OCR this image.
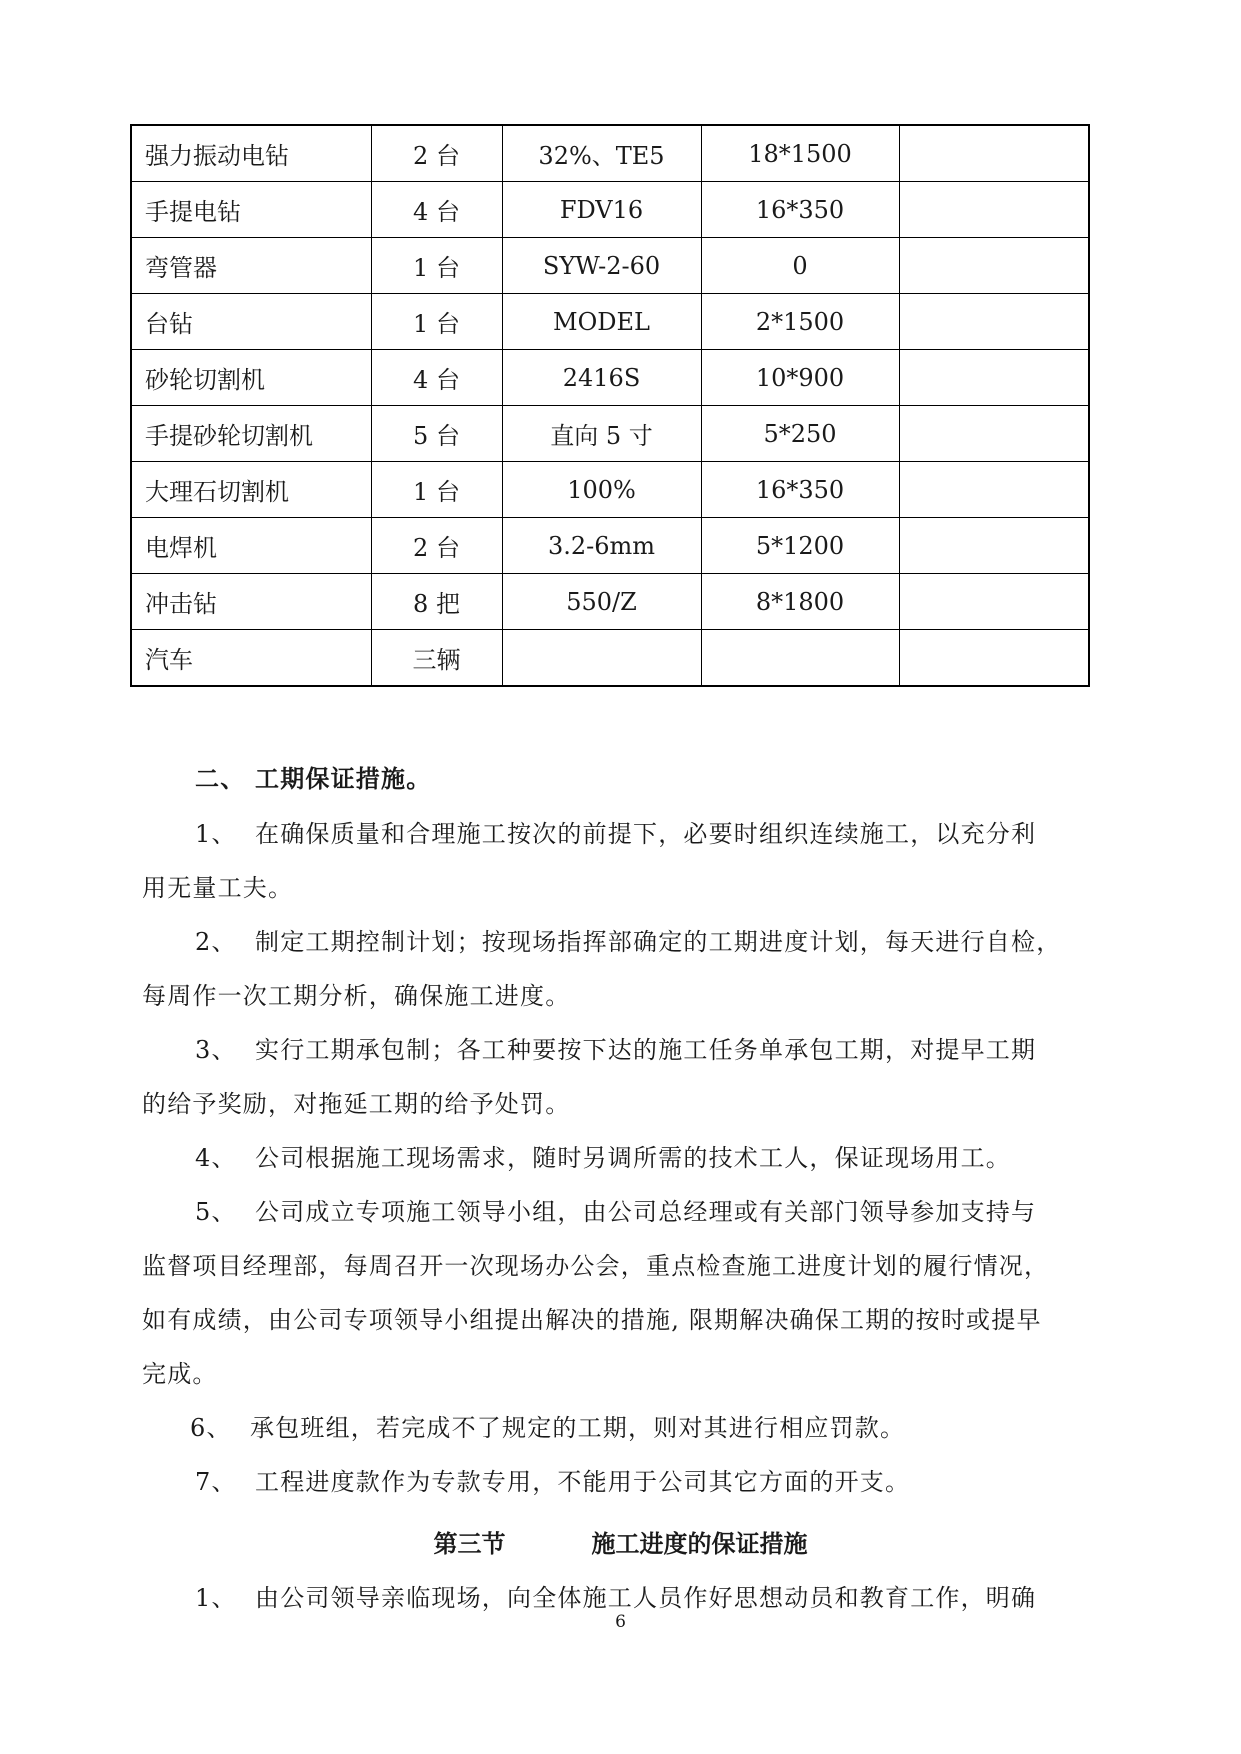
强力振动电钻	2 台	32%、TE5	18*1500	
手提电钻	4 台	FDV16	16*350	
弯管器	1 台	SYW-2-60	0	
台钻	1 台	MODEL	2*1500	
砂轮切割机	4 台	2416S	10*900	
手提砂轮切割机	5 台	直向 5 寸	5*250	
大理石切割机	1 台	100%	16*350	
电焊机	2 台	3.2-6mm	5*1200	
冲击钻	8 把	550/Z	8*1800	
汽车	三辆			

二、 工期保证措施。

1、 在确保质量和合理施工按次的前提下，必要时组织连续施工，以充分利

用无量工夫。

2、 制定工期控制计划；按现场指挥部确定的工期进度计划，每天进行自检，

每周作一次工期分析，确保施工进度。

3、 实行工期承包制；各工种要按下达的施工任务单承包工期，对提早工期

的给予奖励，对拖延工期的给予处罚。

4、 公司根据施工现场需求，随时另调所需的技术工人，保证现场用工。

5、 公司成立专项施工领导小组，由公司总经理或有关部门领导参加支持与

监督项目经理部，每周召开一次现场办公会，重点检查施工进度计划的履行情况，

如有成绩，由公司专项领导小组提出解决的措施, 限期解决确保工期的按时或提早

完成。

6、 承包班组，若完成不了规定的工期，则对其进行相应罚款。

7、 工程进度款作为专款专用，不能用于公司其它方面的开支。

第三节	施工进度的保证措施

1、 由公司领导亲临现场，向全体施工人员作好思想动员和教育工作，明确

6
